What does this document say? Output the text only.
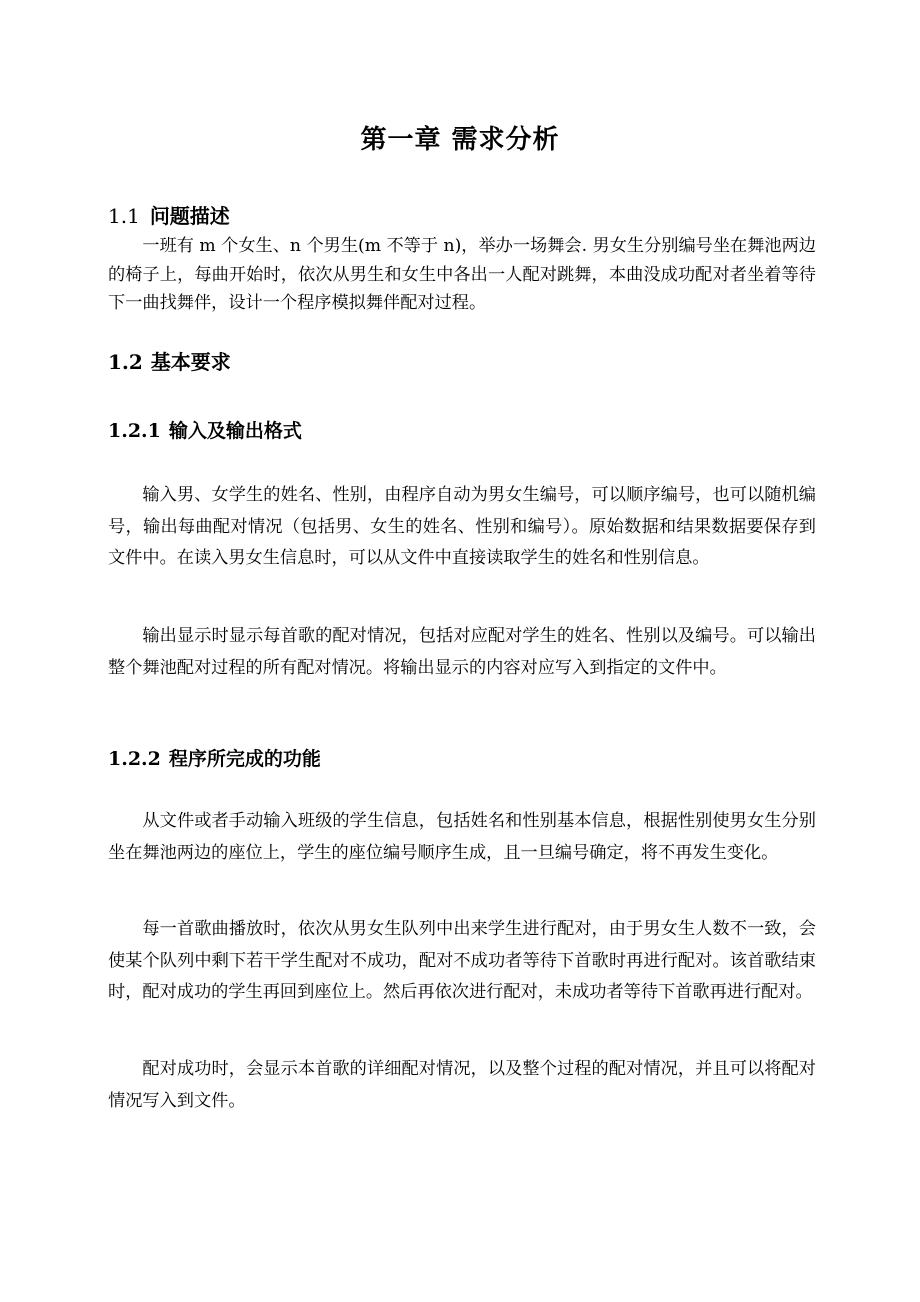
第一章 需求分析
1.1 问题描述

一班有 m 个女生、n 个男生(m 不等于 n)，举办一场舞会. 男女生分别编号坐在舞池两边的椅子上，每曲开始时，依次从男生和女生中各出一人配对跳舞，本曲没成功配对者坐着等待下一曲找舞伴，设计一个程序模拟舞伴配对过程。

1.2 基本要求
1.2.1 输入及输出格式

输入男、女学生的姓名、性别，由程序自动为男女生编号，可以顺序编号，也可以随机编号，输出每曲配对情况（包括男、女生的姓名、性别和编号）。原始数据和结果数据要保存到文件中。在读入男女生信息时，可以从文件中直接读取学生的姓名和性别信息。

输出显示时显示每首歌的配对情况，包括对应配对学生的姓名、性别以及编号。可以输出整个舞池配对过程的所有配对情况。将输出显示的内容对应写入到指定的文件中。

1.2.2 程序所完成的功能

从文件或者手动输入班级的学生信息，包括姓名和性别基本信息，根据性别使男女生分别坐在舞池两边的座位上，学生的座位编号顺序生成，且一旦编号确定，将不再发生变化。

每一首歌曲播放时，依次从男女生队列中出来学生进行配对，由于男女生人数不一致，会使某个队列中剩下若干学生配对不成功，配对不成功者等待下首歌时再进行配对。该首歌结束时，配对成功的学生再回到座位上。然后再依次进行配对，未成功者等待下首歌再进行配对。

配对成功时，会显示本首歌的详细配对情况，以及整个过程的配对情况，并且可以将配对情况写入到文件。
